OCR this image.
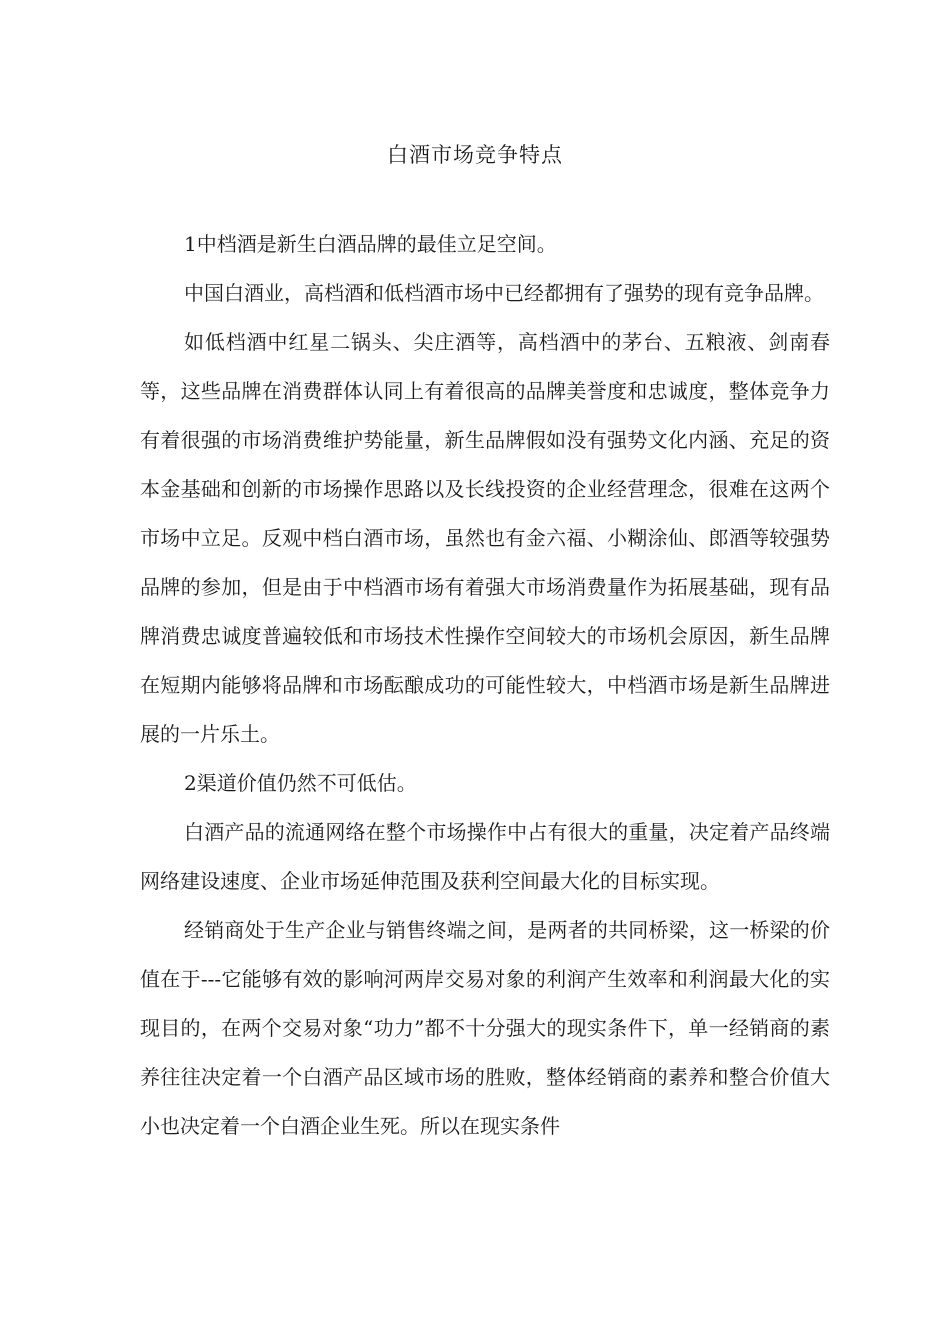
白酒市场竞争特点

1中档酒是新生白酒品牌的最佳立足空间。

中国白酒业，高档酒和低档酒市场中已经都拥有了强势的现有竞争品牌。

如低档酒中红星二锅头、尖庄酒等，高档酒中的茅台、五粮液、剑南春等，这些品牌在消费群体认同上有着很高的品牌美誉度和忠诚度，整体竞争力有着很强的市场消费维护势能量，新生品牌假如没有强势文化内涵、充足的资本金基础和创新的市场操作思路以及长线投资的企业经营理念，很难在这两个市场中立足。反观中档白酒市场，虽然也有金六福、小糊涂仙、郎酒等较强势品牌的参加，但是由于中档酒市场有着强大市场消费量作为拓展基础，现有品牌消费忠诚度普遍较低和市场技术性操作空间较大的市场机会原因，新生品牌在短期内能够将品牌和市场酝酿成功的可能性较大，中档酒市场是新生品牌进展的一片乐土。

2渠道价值仍然不可低估。

白酒产品的流通网络在整个市场操作中占有很大的重量，决定着产品终端网络建设速度、企业市场延伸范围及获利空间最大化的目标实现。

经销商处于生产企业与销售终端之间，是两者的共同桥梁，这一桥梁的价值在于---它能够有效的影响河两岸交易对象的利润产生效率和利润最大化的实现目的，在两个交易对象“功力”都不十分强大的现实条件下，单一经销商的素养往往决定着一个白酒产品区域市场的胜败，整体经销商的素养和整合价值大小也决定着一个白酒企业生死。所以在现实条件
